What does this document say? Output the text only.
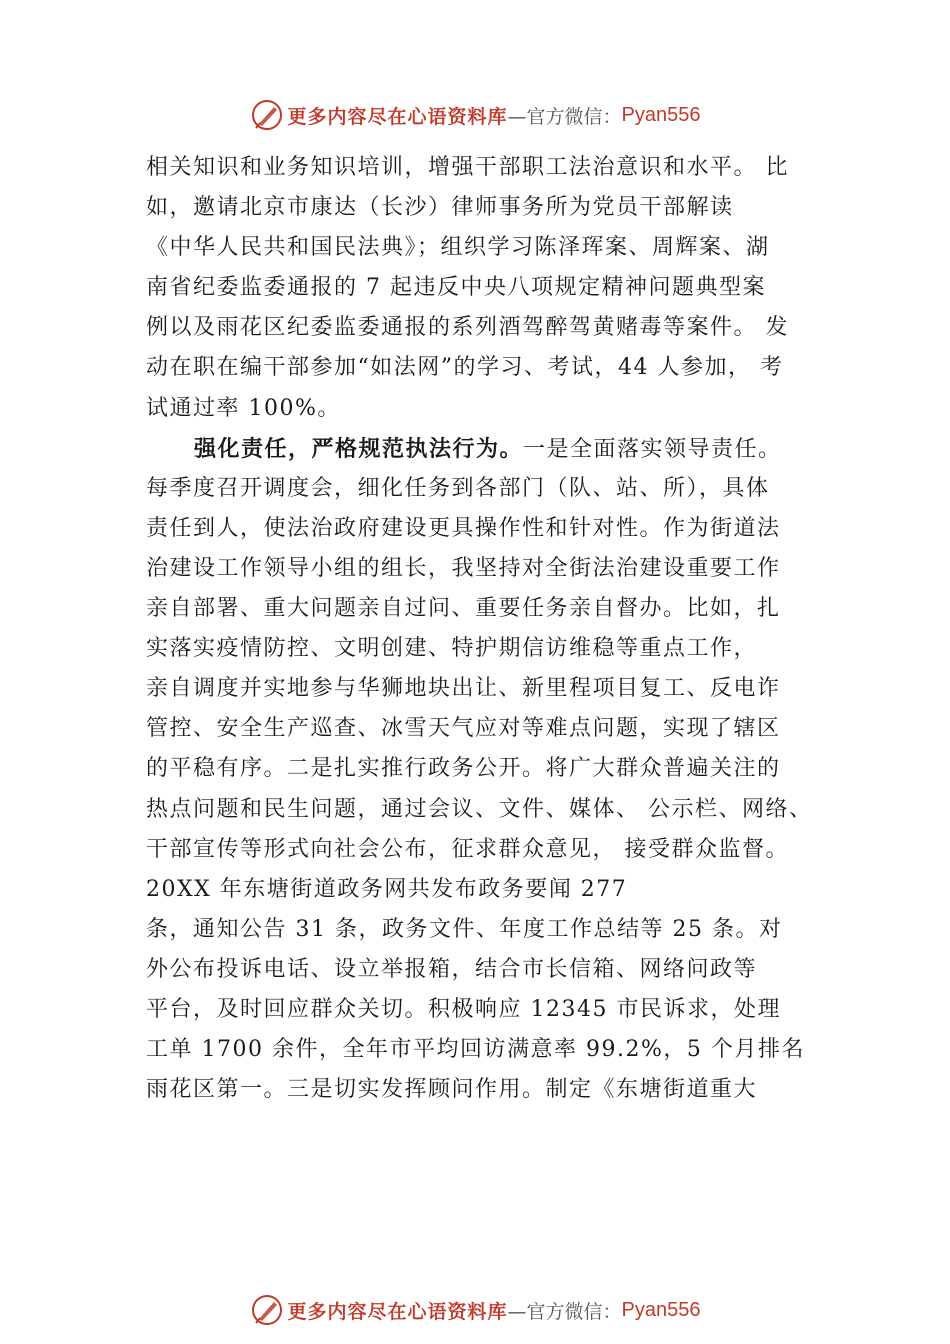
更多内容尽在心语资料库 —官方微信： Pyan556
相关知识和业务知识培训，增强干部职工法治意识和水平。 比
如，邀请北京市康达（长沙）律师事务所为党员干部解读
《中华人民共和国民法典》；组织学习陈泽珲案、周辉案、湖
南省纪委监委通报的 7 起违反中央八项规定精神问题典型案
例以及雨花区纪委监委通报的系列酒驾醉驾黄赌毒等案件。 发
动在职在编干部参加“如法网”的学习、考试，44 人参加， 考
试通过率 100%。
强化责任，严格规范执法行为。一是全面落实领导责任。
每季度召开调度会，细化任务到各部门（队、站、所），具体
责任到人，使法治政府建设更具操作性和针对性。作为街道法
治建设工作领导小组的组长，我坚持对全街法治建设重要工作
亲自部署、重大问题亲自过问、重要任务亲自督办。比如，扎
实落实疫情防控、文明创建、特护期信访维稳等重点工作，
亲自调度并实地参与华狮地块出让、新里程项目复工、反电诈
管控、安全生产巡查、冰雪天气应对等难点问题，实现了辖区
的平稳有序。二是扎实推行政务公开。将广大群众普遍关注的
热点问题和民生问题，通过会议、文件、媒体、 公示栏、网络、
干部宣传等形式向社会公布，征求群众意见， 接受群众监督。
20XX 年东塘街道政务网共发布政务要闻 277
条，通知公告 31 条，政务文件、年度工作总结等 25 条。对
外公布投诉电话、设立举报箱，结合市长信箱、网络问政等
平台，及时回应群众关切。积极响应 12345 市民诉求，处理
工单 1700 余件，全年市平均回访满意率 99.2%，5 个月排名
雨花区第一。三是切实发挥顾问作用。制定《东塘街道重大
更多内容尽在心语资料库 —官方微信： Pyan556
